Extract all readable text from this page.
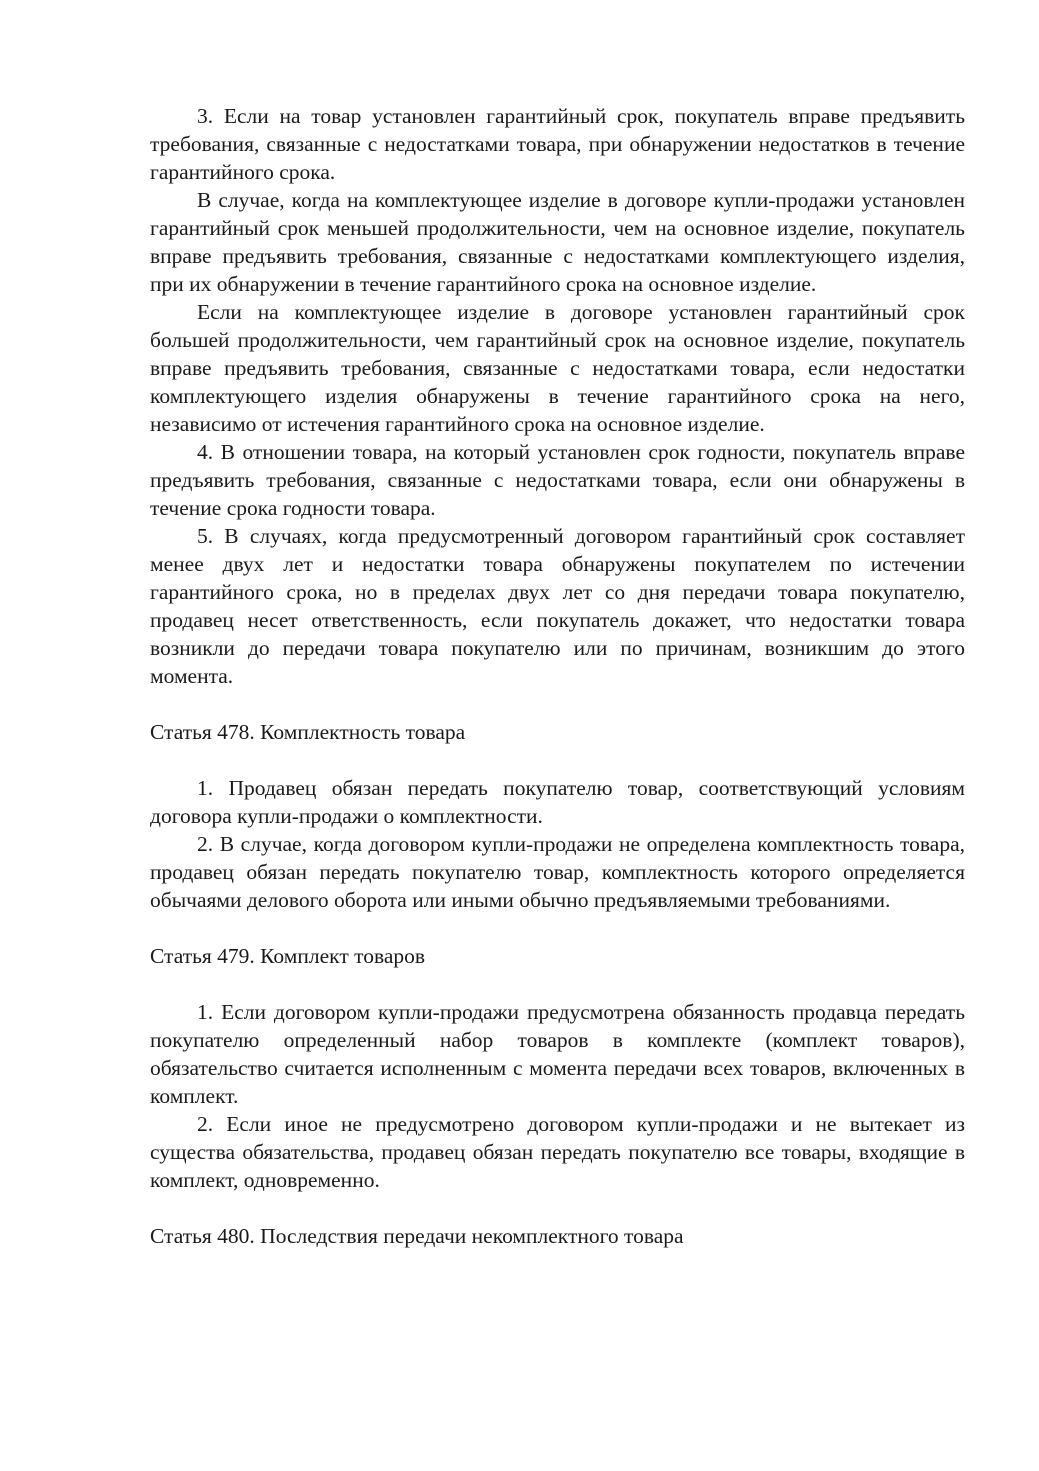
3. Если на товар установлен гарантийный срок, покупатель вправе предъявить требования, связанные с недостатками товара, при обнаружении недостатков в течение гарантийного срока.

В случае, когда на комплектующее изделие в договоре купли-продажи установлен гарантийный срок меньшей продолжительности, чем на основное изделие, покупатель вправе предъявить требования, связанные с недостатками комплектующего изделия, при их обнаружении в течение гарантийного срока на основное изделие.

Если на комплектующее изделие в договоре установлен гарантийный срок большей продолжительности, чем гарантийный срок на основное изделие, покупатель вправе предъявить требования, связанные с недостатками товара, если недостатки комплектующего изделия обнаружены в течение гарантийного срока на него, независимо от истечения гарантийного срока на основное изделие.

4. В отношении товара, на который установлен срок годности, покупатель вправе предъявить требования, связанные с недостатками товара, если они обнаружены в течение срока годности товара.

5. В случаях, когда предусмотренный договором гарантийный срок составляет менее двух лет и недостатки товара обнаружены покупателем по истечении гарантийного срока, но в пределах двух лет со дня передачи товара покупателю, продавец несет ответственность, если покупатель докажет, что недостатки товара возникли до передачи товара покупателю или по причинам, возникшим до этого момента.

Статья 478. Комплектность товара

1. Продавец обязан передать покупателю товар, соответствующий условиям договора купли-продажи о комплектности.

2. В случае, когда договором купли-продажи не определена комплектность товара, продавец обязан передать покупателю товар, комплектность которого определяется обычаями делового оборота или иными обычно предъявляемыми требованиями.

Статья 479. Комплект товаров

1. Если договором купли-продажи предусмотрена обязанность продавца передать покупателю определенный набор товаров в комплекте (комплект товаров), обязательство считается исполненным с момента передачи всех товаров, включенных в комплект.

2. Если иное не предусмотрено договором купли-продажи и не вытекает из существа обязательства, продавец обязан передать покупателю все товары, входящие в комплект, одновременно.

Статья 480. Последствия передачи некомплектного товара
